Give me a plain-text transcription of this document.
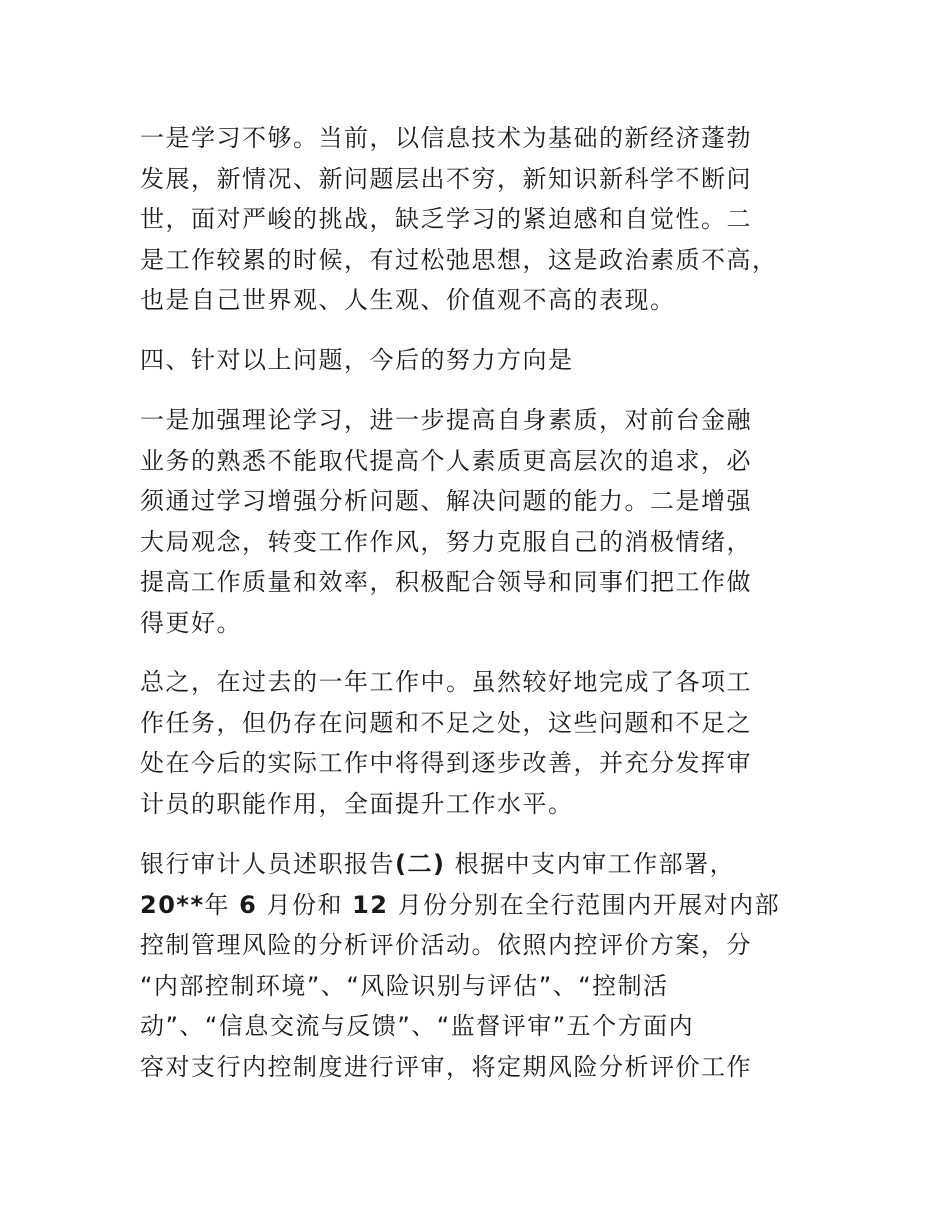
一是学习不够。当前，以信息技术为基础的新经济蓬勃
发展，新情况、新问题层出不穷，新知识新科学不断问
世，面对严峻的挑战，缺乏学习的紧迫感和自觉性。二
是工作较累的时候，有过松弛思想，这是政治素质不高，
也是自己世界观、人生观、价值观不高的表现。
四、针对以上问题，今后的努力方向是
一是加强理论学习，进一步提高自身素质，对前台金融
业务的熟悉不能取代提高个人素质更高层次的追求，必
须通过学习增强分析问题、解决问题的能力。二是增强
大局观念，转变工作作风，努力克服自己的消极情绪，
提高工作质量和效率，积极配合领导和同事们把工作做
得更好。
总之，在过去的一年工作中。虽然较好地完成了各项工
作任务，但仍存在问题和不足之处，这些问题和不足之
处在今后的实际工作中将得到逐步改善，并充分发挥审
计员的职能作用，全面提升工作水平。
银行审计人员述职报告(二) 根据中支内审工作部署，
20**年 6 月份和 12 月份分别在全行范围内开展对内部
控制管理风险的分析评价活动。依照内控评价方案，分
“内部控制环境”、“风险识别与评估”、“控制活
动”、“信息交流与反馈”、“监督评审”五个方面内
容对支行内控制度进行评审，将定期风险分析评价工作
